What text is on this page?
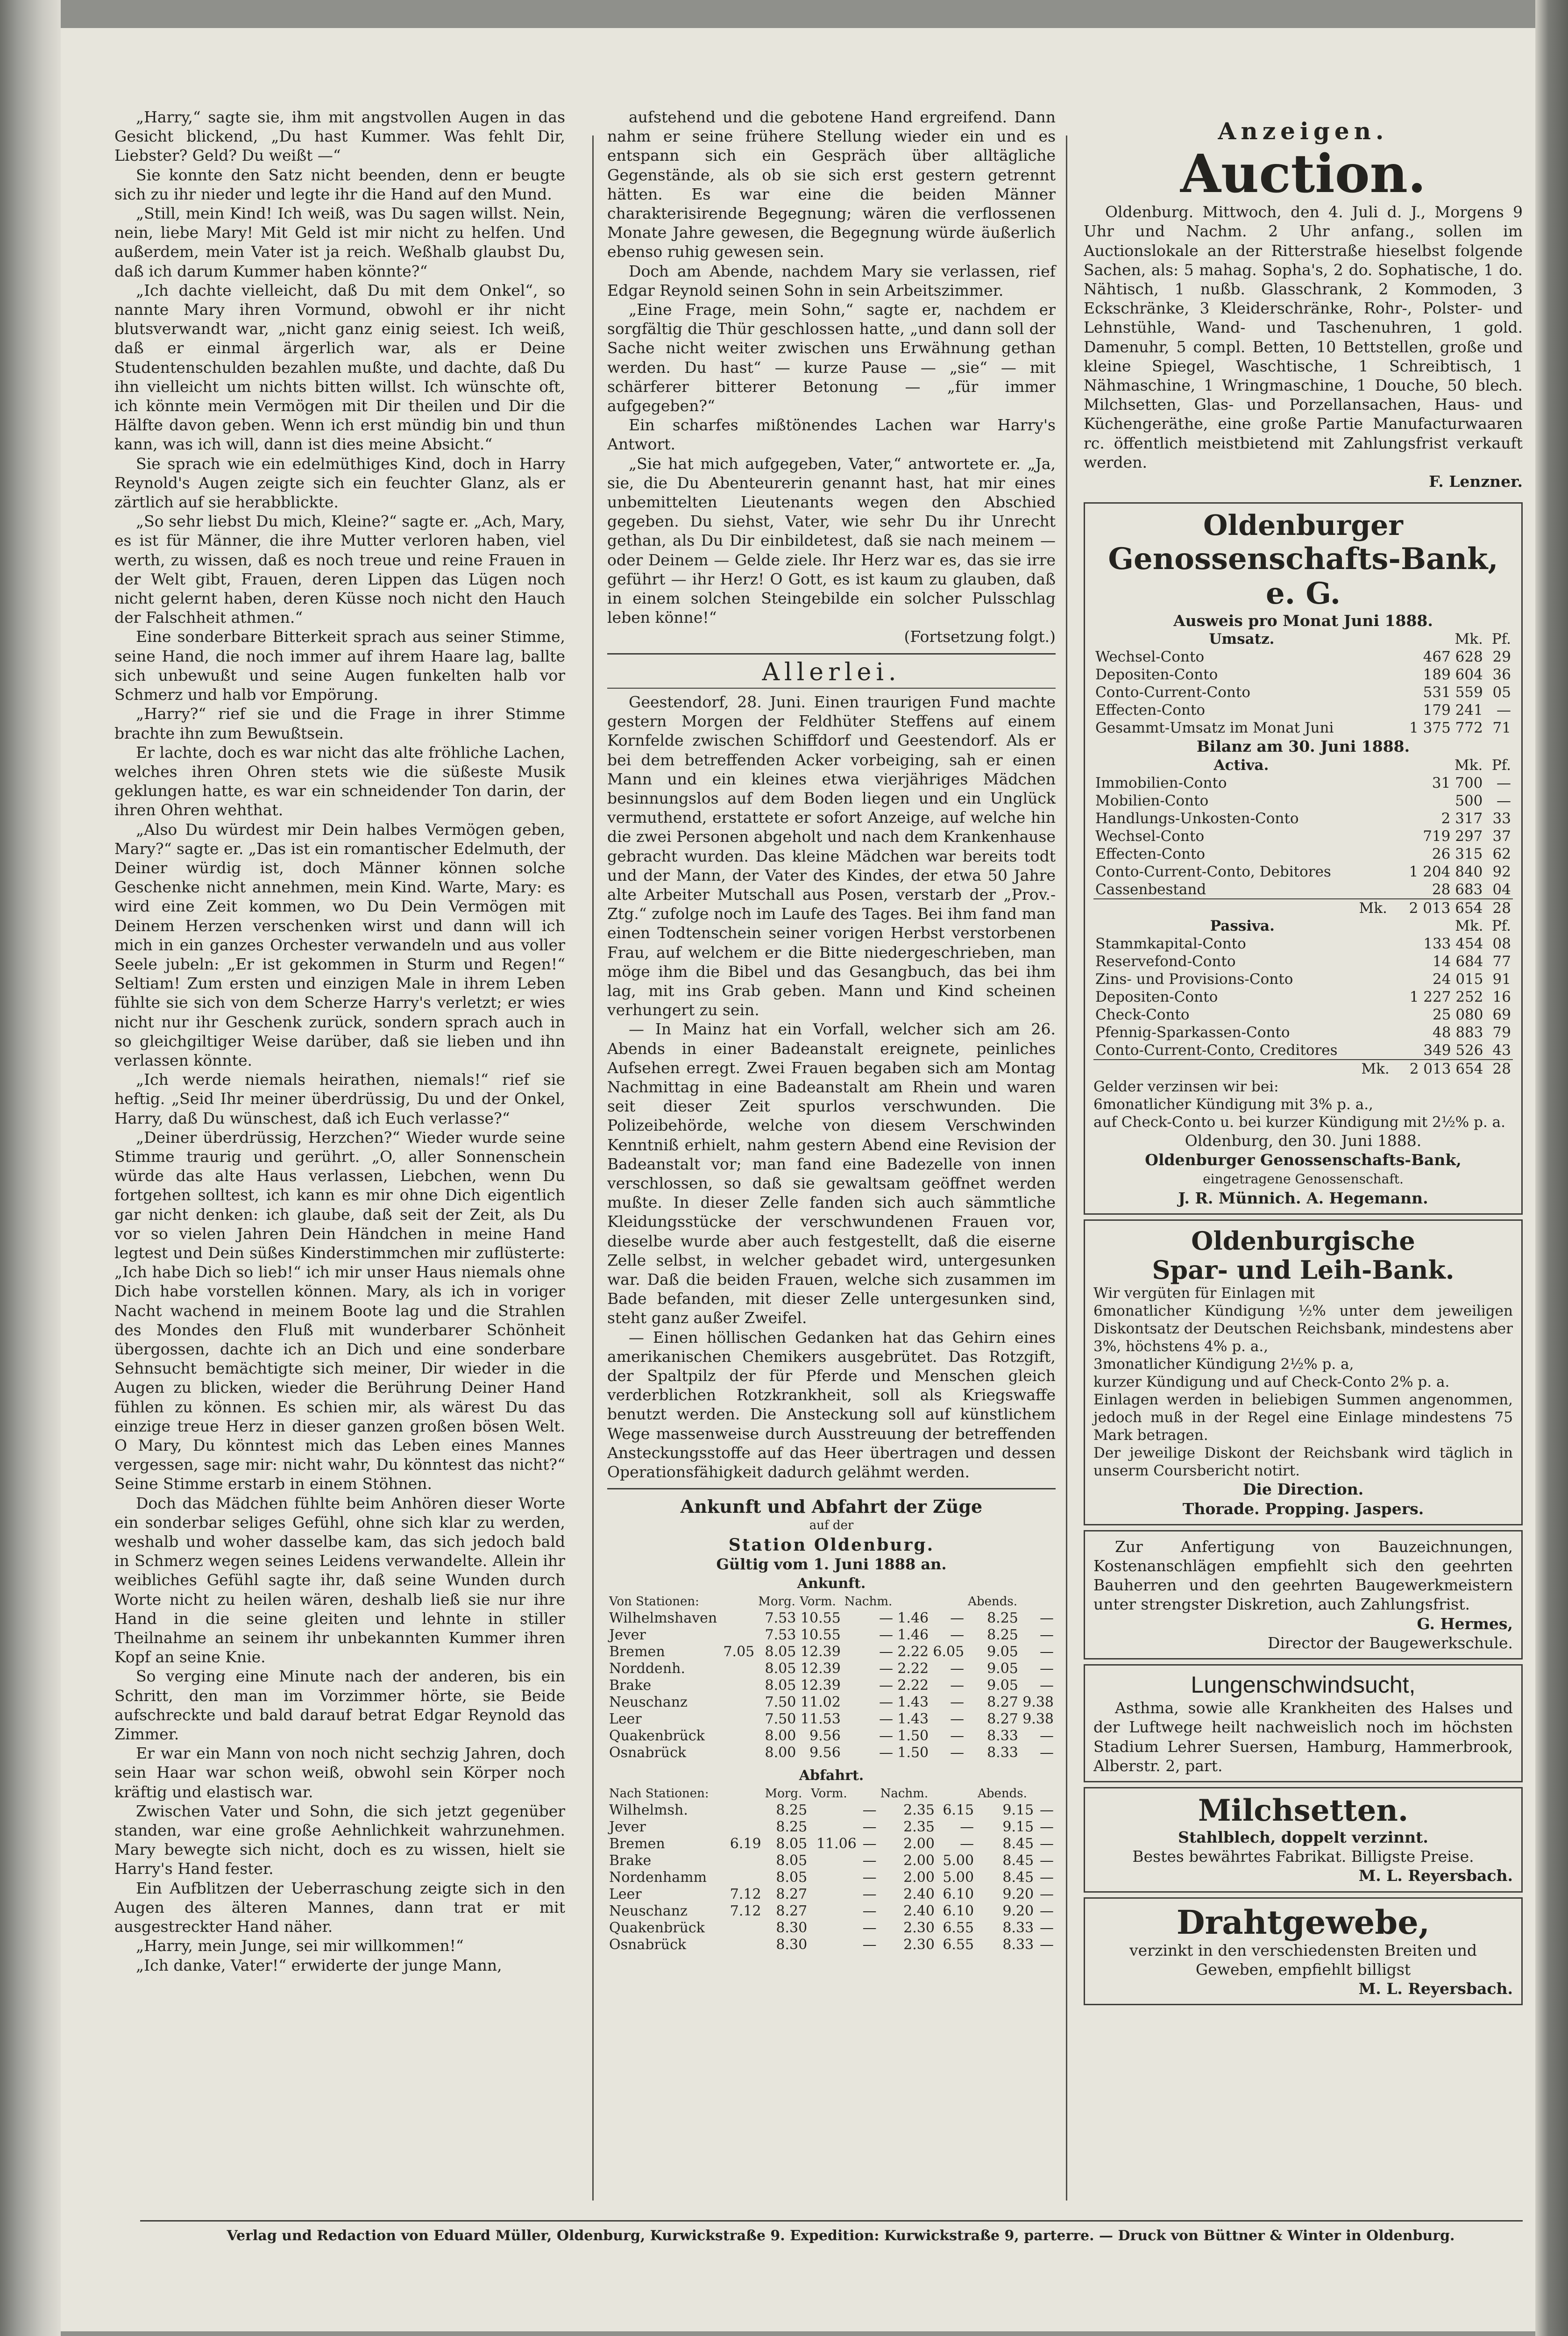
„Harry,“ sagte sie, ihm mit angstvollen Augen in das Gesicht blickend, „Du hast Kummer. Was fehlt Dir, Liebster? Geld? Du weißt —“

Sie konnte den Satz nicht beenden, denn er beugte sich zu ihr nieder und legte ihr die Hand auf den Mund.

„Still, mein Kind! Ich weiß, was Du sagen willst. Nein, nein, liebe Mary! Mit Geld ist mir nicht zu helfen. Und außerdem, mein Vater ist ja reich. Weßhalb glaubst Du, daß ich darum Kummer haben könnte?“

„Ich dachte vielleicht, daß Du mit dem Onkel“, so nannte Mary ihren Vormund, obwohl er ihr nicht blutsverwandt war, „nicht ganz einig seiest. Ich weiß, daß er einmal ärgerlich war, als er Deine Studentenschulden bezahlen mußte, und dachte, daß Du ihn vielleicht um nichts bitten willst. Ich wünschte oft, ich könnte mein Vermögen mit Dir theilen und Dir die Hälfte davon geben. Wenn ich erst mündig bin und thun kann, was ich will, dann ist dies meine Absicht.“

Sie sprach wie ein edelmüthiges Kind, doch in Harry Reynold's Augen zeigte sich ein feuchter Glanz, als er zärtlich auf sie herabblickte.

„So sehr liebst Du mich, Kleine?“ sagte er. „Ach, Mary, es ist für Männer, die ihre Mutter verloren haben, viel werth, zu wissen, daß es noch treue und reine Frauen in der Welt gibt, Frauen, deren Lippen das Lügen noch nicht gelernt haben, deren Küsse noch nicht den Hauch der Falschheit athmen.“

Eine sonderbare Bitterkeit sprach aus seiner Stimme, seine Hand, die noch immer auf ihrem Haare lag, ballte sich unbewußt und seine Augen funkelten halb vor Schmerz und halb vor Empörung.

„Harry?“ rief sie und die Frage in ihrer Stimme brachte ihn zum Bewußtsein.

Er lachte, doch es war nicht das alte fröhliche Lachen, welches ihren Ohren stets wie die süßeste Musik geklungen hatte, es war ein schneidender Ton darin, der ihren Ohren wehthat.

„Also Du würdest mir Dein halbes Vermögen geben, Mary?“ sagte er. „Das ist ein romantischer Edelmuth, der Deiner würdig ist, doch Männer können solche Geschenke nicht annehmen, mein Kind. Warte, Mary: es wird eine Zeit kommen, wo Du Dein Vermögen mit Deinem Herzen verschenken wirst und dann will ich mich in ein ganzes Orchester verwandeln und aus voller Seele jubeln: „Er ist gekommen in Sturm und Regen!“ Seltiam! Zum ersten und einzigen Male in ihrem Leben fühlte sie sich von dem Scherze Harry's verletzt; er wies nicht nur ihr Geschenk zurück, sondern sprach auch in so gleichgiltiger Weise darüber, daß sie lieben und ihn verlassen könnte.

„Ich werde niemals heirathen, niemals!“ rief sie heftig. „Seid Ihr meiner überdrüssig, Du und der Onkel, Harry, daß Du wünschest, daß ich Euch verlasse?“

„Deiner überdrüssig, Herzchen?“ Wieder wurde seine Stimme traurig und gerührt. „O, aller Sonnenschein würde das alte Haus verlassen, Liebchen, wenn Du fortgehen solltest, ich kann es mir ohne Dich eigentlich gar nicht denken: ich glaube, daß seit der Zeit, als Du vor so vielen Jahren Dein Händchen in meine Hand legtest und Dein süßes Kinderstimmchen mir zuflüsterte: „Ich habe Dich so lieb!“ ich mir unser Haus niemals ohne Dich habe vorstellen können. Mary, als ich in voriger Nacht wachend in meinem Boote lag und die Strahlen des Mondes den Fluß mit wunderbarer Schönheit übergossen, dachte ich an Dich und eine sonderbare Sehnsucht bemächtigte sich meiner, Dir wieder in die Augen zu blicken, wieder die Berührung Deiner Hand fühlen zu können. Es schien mir, als wärest Du das einzige treue Herz in dieser ganzen großen bösen Welt. O Mary, Du könntest mich das Leben eines Mannes vergessen, sage mir: nicht wahr, Du könntest das nicht?“ Seine Stimme erstarb in einem Stöhnen.

Doch das Mädchen fühlte beim Anhören dieser Worte ein sonderbar seliges Gefühl, ohne sich klar zu werden, weshalb und woher dasselbe kam, das sich jedoch bald in Schmerz wegen seines Leidens verwandelte. Allein ihr weibliches Gefühl sagte ihr, daß seine Wunden durch Worte nicht zu heilen wären, deshalb ließ sie nur ihre Hand in die seine gleiten und lehnte in stiller Theilnahme an seinem ihr unbekannten Kummer ihren Kopf an seine Knie.

So verging eine Minute nach der anderen, bis ein Schritt, den man im Vorzimmer hörte, sie Beide aufschreckte und bald darauf betrat Edgar Reynold das Zimmer.

Er war ein Mann von noch nicht sechzig Jahren, doch sein Haar war schon weiß, obwohl sein Körper noch kräftig und elastisch war.

Zwischen Vater und Sohn, die sich jetzt gegenüber standen, war eine große Aehnlichkeit wahrzunehmen. Mary bewegte sich nicht, doch es zu wissen, hielt sie Harry's Hand fester.

Ein Aufblitzen der Ueberraschung zeigte sich in den Augen des älteren Mannes, dann trat er mit ausgestreckter Hand näher.

„Harry, mein Junge, sei mir willkommen!“

„Ich danke, Vater!“ erwiderte der junge Mann,

aufstehend und die gebotene Hand ergreifend. Dann nahm er seine frühere Stellung wieder ein und es entspann sich ein Gespräch über alltägliche Gegenstände, als ob sie sich erst gestern getrennt hätten. Es war eine die beiden Männer charakterisirende Begegnung; wären die verflossenen Monate Jahre gewesen, die Begegnung würde äußerlich ebenso ruhig gewesen sein.

Doch am Abende, nachdem Mary sie verlassen, rief Edgar Reynold seinen Sohn in sein Arbeitszimmer.

„Eine Frage, mein Sohn,“ sagte er, nachdem er sorgfältig die Thür geschlossen hatte, „und dann soll der Sache nicht weiter zwischen uns Erwähnung gethan werden. Du hast“ — kurze Pause — „sie“ — mit schärferer bitterer Betonung — „für immer aufgegeben?“

Ein scharfes mißtönendes Lachen war Harry's Antwort.

„Sie hat mich aufgegeben, Vater,“ antwortete er. „Ja, sie, die Du Abenteurerin genannt hast, hat mir eines unbemittelten Lieutenants wegen den Abschied gegeben. Du siehst, Vater, wie sehr Du ihr Unrecht gethan, als Du Dir einbildetest, daß sie nach meinem — oder Deinem — Gelde ziele. Ihr Herz war es, das sie irre geführt — ihr Herz! O Gott, es ist kaum zu glauben, daß in einem solchen Steingebilde ein solcher Pulsschlag leben könne!“

(Fortsetzung folgt.)

Allerlei.

Geestendorf, 28. Juni. Einen traurigen Fund machte gestern Morgen der Feldhüter Steffens auf einem Kornfelde zwischen Schiffdorf und Geestendorf. Als er bei dem betreffenden Acker vorbeiging, sah er einen Mann und ein kleines etwa vierjähriges Mädchen besinnungslos auf dem Boden liegen und ein Unglück vermuthend, erstattete er sofort Anzeige, auf welche hin die zwei Personen abgeholt und nach dem Krankenhause gebracht wurden. Das kleine Mädchen war bereits todt und der Mann, der Vater des Kindes, der etwa 50 Jahre alte Arbeiter Mutschall aus Posen, verstarb der „Prov.-Ztg.“ zufolge noch im Laufe des Tages. Bei ihm fand man einen Todtenschein seiner vorigen Herbst verstorbenen Frau, auf welchem er die Bitte niedergeschrieben, man möge ihm die Bibel und das Gesangbuch, das bei ihm lag, mit ins Grab geben. Mann und Kind scheinen verhungert zu sein.

— In Mainz hat ein Vorfall, welcher sich am 26. Abends in einer Badeanstalt ereignete, peinliches Aufsehen erregt. Zwei Frauen begaben sich am Montag Nachmittag in eine Badeanstalt am Rhein und waren seit dieser Zeit spurlos verschwunden. Die Polizeibehörde, welche von diesem Verschwinden Kenntniß erhielt, nahm gestern Abend eine Revision der Badeanstalt vor; man fand eine Badezelle von innen verschlossen, so daß sie gewaltsam geöffnet werden mußte. In dieser Zelle fanden sich auch sämmtliche Kleidungsstücke der verschwundenen Frauen vor, dieselbe wurde aber auch festgestellt, daß die eiserne Zelle selbst, in welcher gebadet wird, untergesunken war. Daß die beiden Frauen, welche sich zusammen im Bade befanden, mit dieser Zelle untergesunken sind, steht ganz außer Zweifel.

— Einen höllischen Gedanken hat das Gehirn eines amerikanischen Chemikers ausgebrütet. Das Rotzgift, der Spaltpilz der für Pferde und Menschen gleich verderblichen Rotzkrankheit, soll als Kriegswaffe benutzt werden. Die Ansteckung soll auf künstlichem Wege massenweise durch Ausstreuung der betreffenden Ansteckungsstoffe auf das Heer übertragen und dessen Operationsfähigkeit dadurch gelähmt werden.

Ankunft und Abfahrt der Züge
auf der
Station Oldenburg.
Gültig vom 1. Juni 1888 an.
Ankunft.
Von Stationen:		Morg.	Vorm.	Nachm.			Abends.	
Wilhelmshaven		7.53	10.55	—	1.46	—	8.25	—
Jever		7.53	10.55	—	1.46	—	8.25	—
Bremen	7.05	8.05	12.39	—	2.22	6.05	9.05	—
Norddenh.		8.05	12.39	—	2.22	—	9.05	—
Brake		8.05	12.39	—	2.22	—	9.05	—
Neuschanz		7.50	11.02	—	1.43	—	8.27	9.38
Leer		7.50	11.53	—	1.43	—	8.27	9.38
Quakenbrück		8.00	9.56	—	1.50	—	8.33	—
Osnabrück		8.00	9.56	—	1.50	—	8.33	—
Abfahrt.
Nach Stationen:		Morg.	Vorm.		Nachm.		Abends.	
Wilhelmsh.		8.25		—	2.35	6.15	9.15	—
Jever		8.25		—	2.35	—	9.15	—
Bremen	6.19	8.05	11.06	—	2.00	—	8.45	—
Brake		8.05		—	2.00	5.00	8.45	—
Nordenhamm		8.05		—	2.00	5.00	8.45	—
Leer	7.12	8.27		—	2.40	6.10	9.20	—
Neuschanz	7.12	8.27		—	2.40	6.10	9.20	—
Quakenbrück		8.30		—	2.30	6.55	8.33	—
Osnabrück		8.30		—	2.30	6.55	8.33	—
Anzeigen.
Auction.

Oldenburg. Mittwoch, den 4. Juli d. J., Morgens 9 Uhr und Nachm. 2 Uhr anfang., sollen im Auctionslokale an der Ritterstraße hieselbst folgende Sachen, als: 5 mahag. Sopha's, 2 do. Sophatische, 1 do. Nähtisch, 1 nußb. Glasschrank, 2 Kommoden, 3 Eckschränke, 3 Kleiderschränke, Rohr-, Polster- und Lehnstühle, Wand- und Taschenuhren, 1 gold. Damenuhr, 5 compl. Betten, 10 Bettstellen, große und kleine Spiegel, Waschtische, 1 Schreibtisch, 1 Nähmaschine, 1 Wringmaschine, 1 Douche, 50 blech. Milchsetten, Glas- und Porzellansachen, Haus- und Küchengeräthe, eine große Partie Manufacturwaaren rc. öffentlich meistbietend mit Zahlungsfrist verkauft werden.

F. Lenzner.

Oldenburger
Genossenschafts-Bank, e. G.
Ausweis pro Monat Juni 1888.
Umsatz.	Mk.	Pf.
Wechsel-Conto	467 628	29
Depositen-Conto	189 604	36
Conto-Current-Conto	531 559	05
Effecten-Conto	179 241	—
Gesammt-Umsatz im Monat Juni	1 375 772	71
Bilanz am 30. Juni 1888.
Activa.	Mk.	Pf.
Immobilien-Conto	31 700	—
Mobilien-Conto	500	—
Handlungs-Unkosten-Conto	2 317	33
Wechsel-Conto	719 297	37
Effecten-Conto	26 315	62
Conto-Current-Conto, Debitores	1 204 840	92
Cassenbestand	28 683	04
Mk.	2 013 654	28
Passiva.	Mk.	Pf.
Stammkapital-Conto	133 454	08
Reservefond-Conto	14 684	77
Zins- und Provisions-Conto	24 015	91
Depositen-Conto	1 227 252	16
Check-Conto	25 080	69
Pfennig-Sparkassen-Conto	48 883	79
Conto-Current-Conto, Creditores	349 526	43
Mk.	2 013 654	28
Gelder verzinsen wir bei:
6monatlicher Kündigung mit 3% p. a.,
auf Check-Conto u. bei kurzer Kündigung mit 2½% p. a.
Oldenburg, den 30. Juni 1888.
Oldenburger Genossenschafts-Bank,
eingetragene Genossenschaft.
J. R. Münnich. A. Hegemann.
Oldenburgische
Spar- und Leih-Bank.
Wir vergüten für Einlagen mit
6monatlicher Kündigung ½% unter dem jeweiligen Diskontsatz der Deutschen Reichsbank, mindestens aber 3%, höchstens 4% p. a.,
3monatlicher Kündigung 2½% p. a,
kurzer Kündigung und auf Check-Conto 2% p. a.
Einlagen werden in beliebigen Summen angenommen, jedoch muß in der Regel eine Einlage mindestens 75 Mark betragen.
Der jeweilige Diskont der Reichsbank wird täglich in unserm Coursbericht notirt.
Die Direction.
Thorade. Propping. Jaspers.

Zur Anfertigung von Bauzeichnungen, Kostenanschlägen empfiehlt sich den geehrten Bauherren und den geehrten Baugewerkmeistern unter strengster Diskretion, auch Zahlungsfrist.

G. Hermes,

Director der Baugewerkschule.

Lungenschwindsucht,

Asthma, sowie alle Krankheiten des Halses und der Luftwege heilt nachweislich noch im höchsten Stadium Lehrer Suersen, Hamburg, Hammerbrook, Alberstr. 2, part.

Milchsetten.
Stahlblech, doppelt verzinnt.
Bestes bewährtes Fabrikat. Billigste Preise.
M. L. Reyersbach.
Drahtgewebe,
verzinkt in den verschiedensten Breiten und Geweben, empfiehlt billigst
M. L. Reyersbach.
Verlag und Redaction von Eduard Müller, Oldenburg, Kurwickstraße 9. Expedition: Kurwickstraße 9, parterre. — Druck von Büttner & Winter in Oldenburg.
